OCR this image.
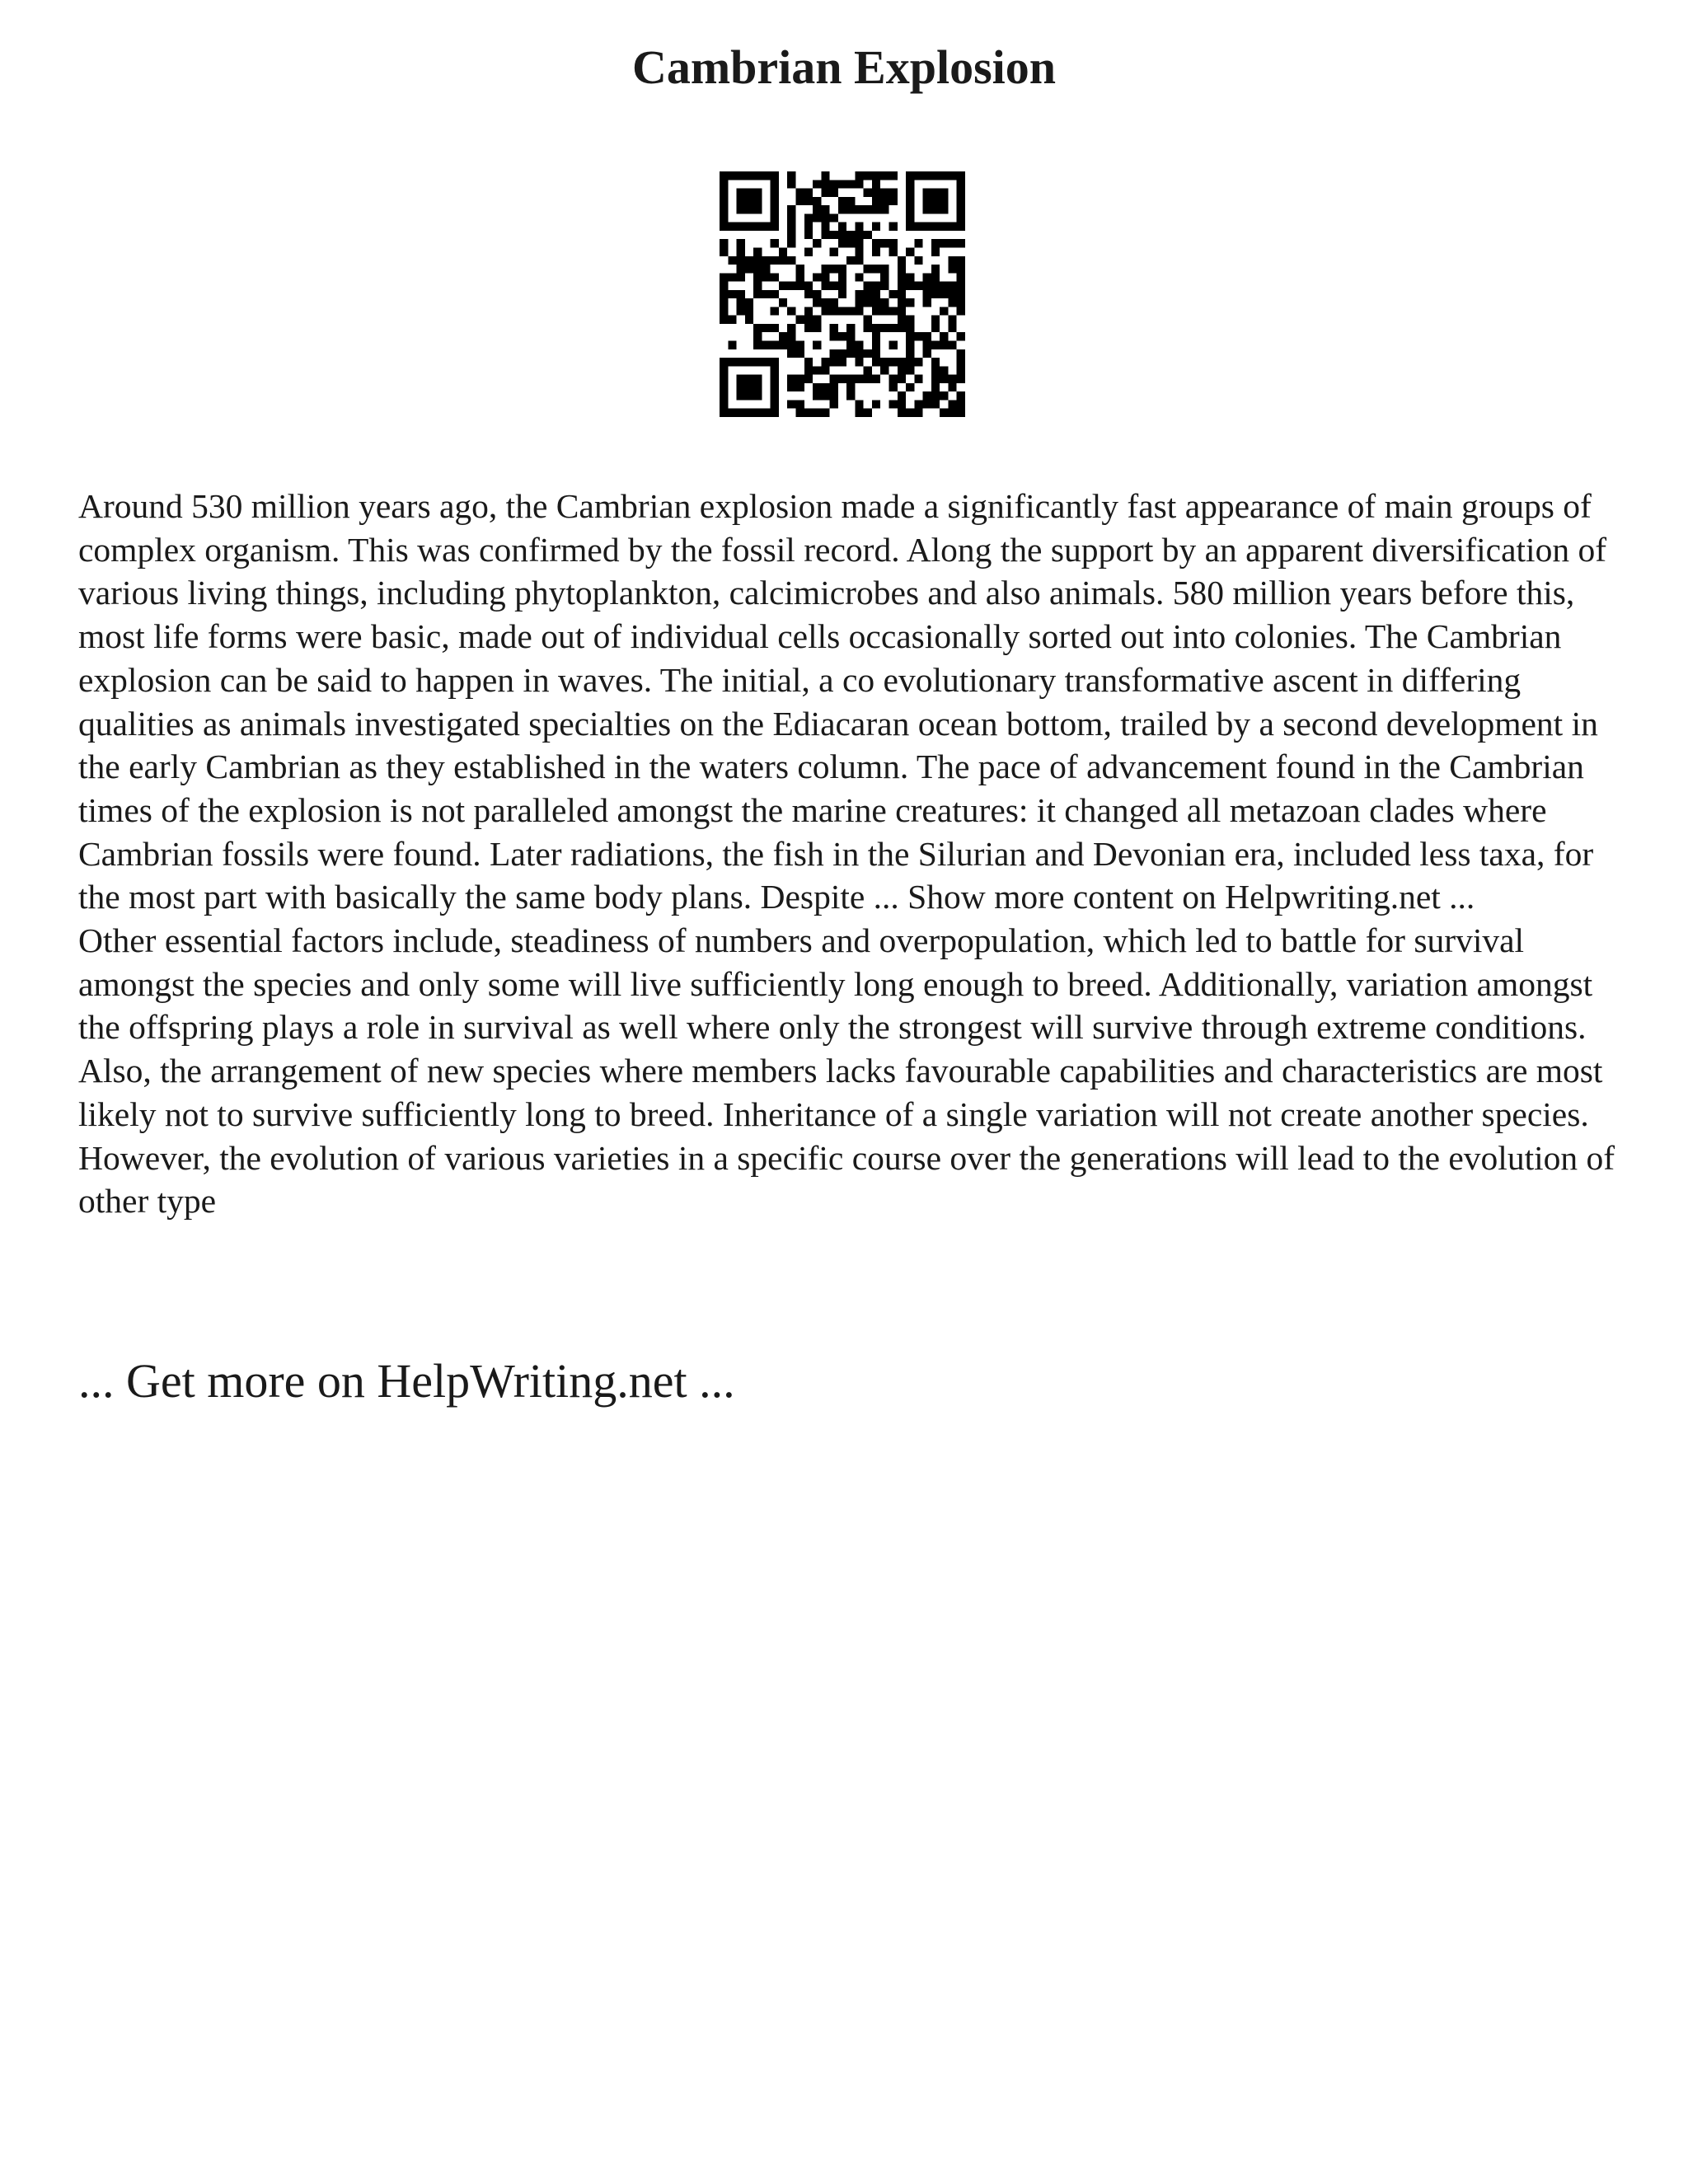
Cambrian Explosion

Around 530 million years ago, the Cambrian explosion made a significantly fast appearance of main groups of complex organism. This was confirmed by the fossil record. Along the support by an apparent diversification of various living things, including phytoplankton, calcimicrobes and also animals. 580 million years before this, most life forms were basic, made out of individual cells occasionally sorted out into colonies. The Cambrian explosion can be said to happen in waves. The initial, a co evolutionary transformative ascent in differing qualities as animals investigated specialties on the Ediacaran ocean bottom, trailed by a second development in the early Cambrian as they established in the waters column. The pace of advancement found in the Cambrian times of the explosion is not paralleled amongst the marine creatures: it changed all metazoan clades where Cambrian fossils were found. Later radiations, the fish in the Silurian and Devonian era, included less taxa, for the most part with basically the same body plans. Despite ... Show more content on Helpwriting.net ...

Other essential factors include, steadiness of numbers and overpopulation, which led to battle for survival amongst the species and only some will live sufficiently long enough to breed. Additionally, variation amongst the offspring plays a role in survival as well where only the strongest will survive through extreme conditions. Also, the arrangement of new species where members lacks favourable capabilities and characteristics are most likely not to survive sufficiently long to breed. Inheritance of a single variation will not create another species. However, the evolution of various varieties in a specific course over the generations will lead to the evolution of other type

... Get more on HelpWriting.net ...
